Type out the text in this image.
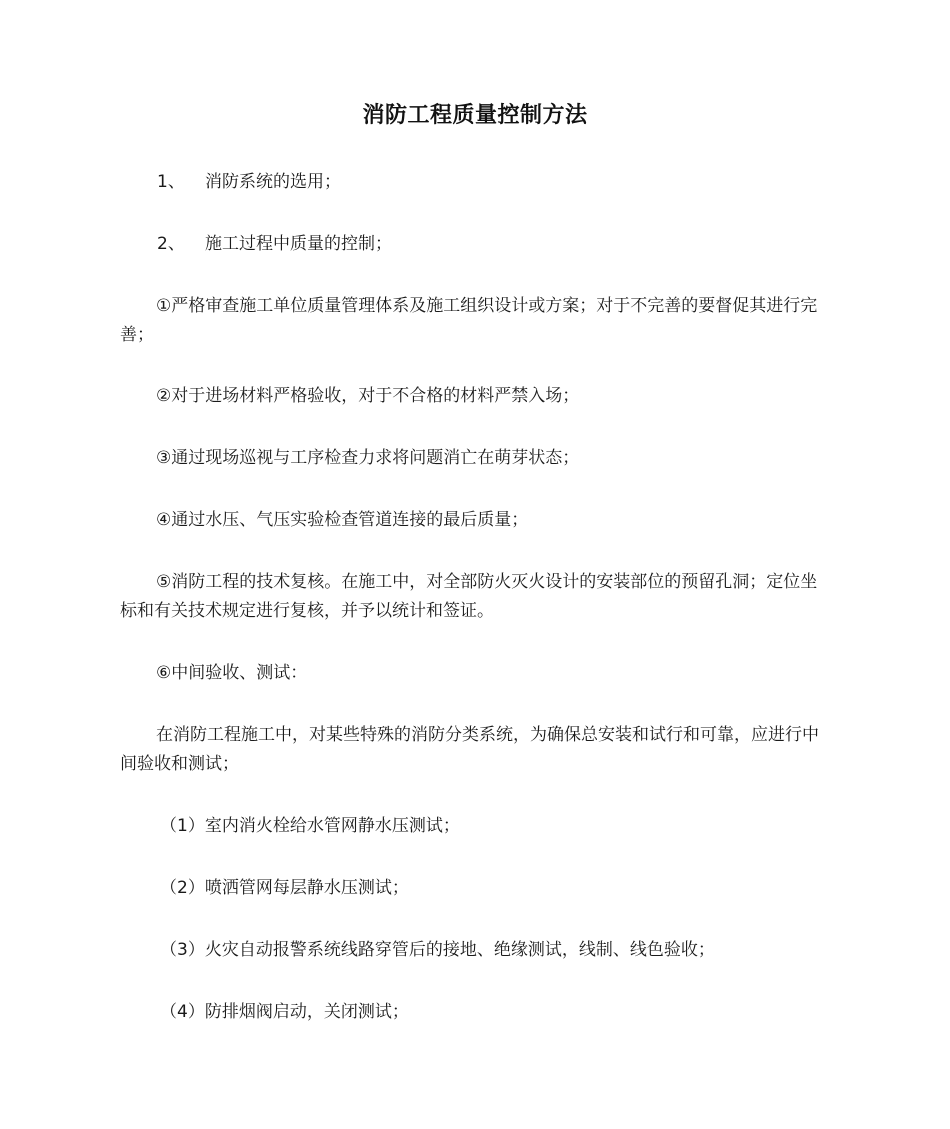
消防工程质量控制方法
1、 消防系统的选用；
2、 施工过程中质量的控制；
①严格审查施工单位质量管理体系及施工组织设计或方案；对于不完善的要督促其进行完善；
②对于进场材料严格验收，对于不合格的材料严禁入场；
③通过现场巡视与工序检查力求将问题消亡在萌芽状态；
④通过水压、气压实验检查管道连接的最后质量；
⑤消防工程的技术复核。在施工中，对全部防火灭火设计的安装部位的预留孔洞；定位坐标和有关技术规定进行复核，并予以统计和签证。
⑥中间验收、测试：
在消防工程施工中，对某些特殊的消防分类系统，为确保总安装和试行和可靠，应进行中间验收和测试；
（1）室内消火栓给水管网静水压测试；
（2）喷洒管网每层静水压测试；
（3）火灾自动报警系统线路穿管后的接地、绝缘测试，线制、线色验收；
（4）防排烟阀启动，关闭测试；
